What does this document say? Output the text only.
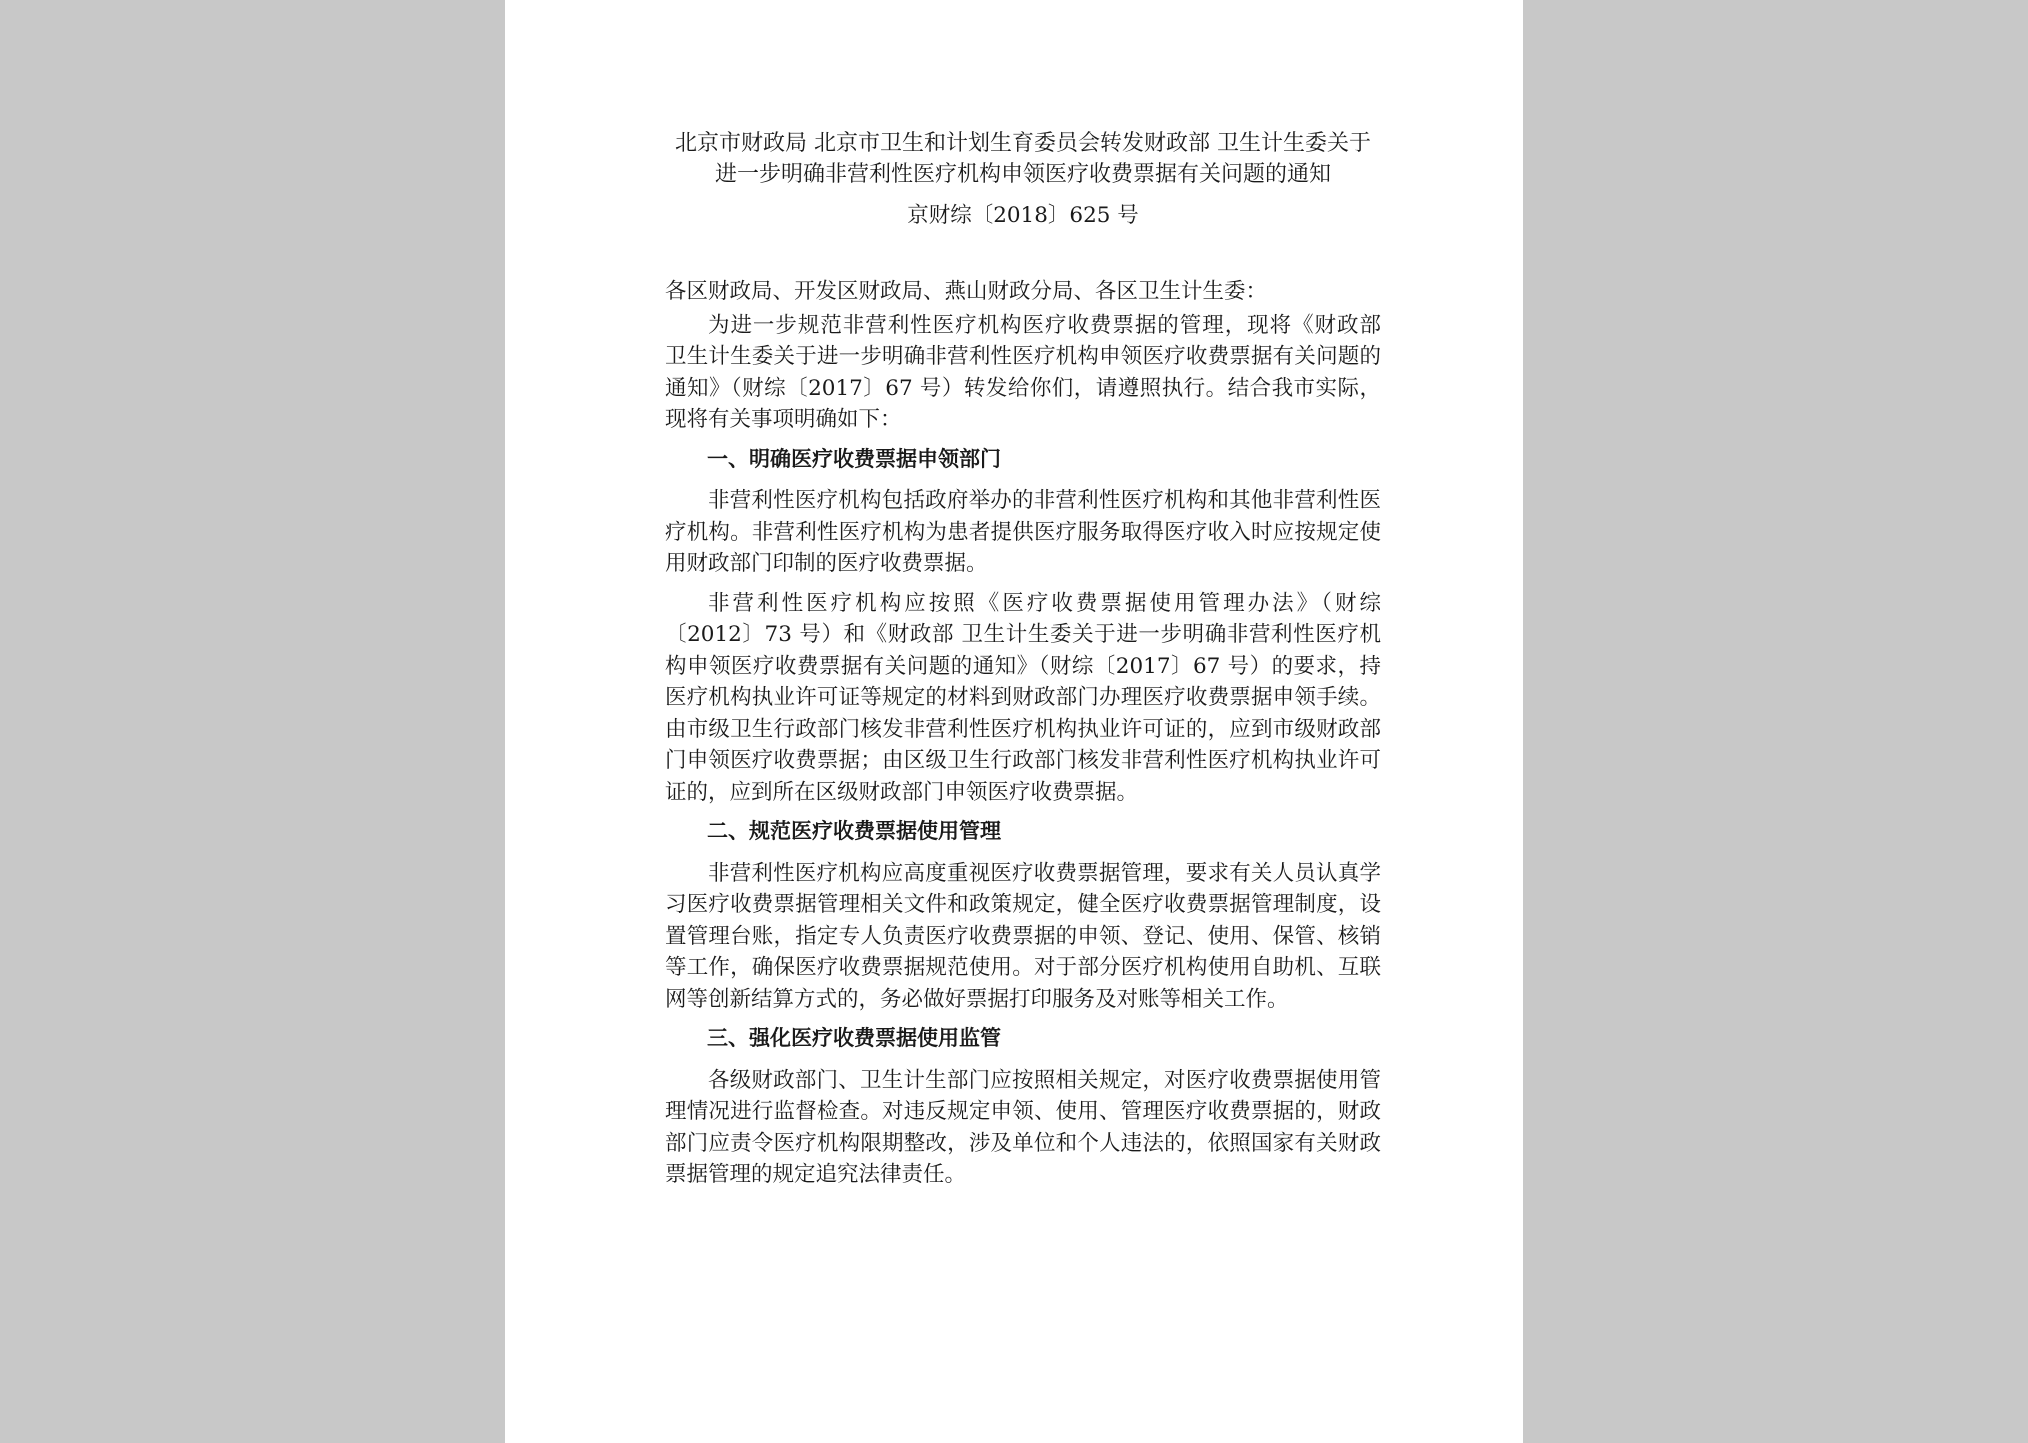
北京市财政局 北京市卫生和计划生育委员会转发财政部 卫生计生委关于进一步明确非营利性医疗机构申领医疗收费票据有关问题的通知

京财综〔2018〕625 号

各区财政局、开发区财政局、燕山财政分局、各区卫生计生委：

为进一步规范非营利性医疗机构医疗收费票据的管理，现将《财政部 卫生计生委关于进一步明确非营利性医疗机构申领医疗收费票据有关问题的通知》（财综〔2017〕67 号）转发给你们，请遵照执行。结合我市实际，现将有关事项明确如下：

一、明确医疗收费票据申领部门

非营利性医疗机构包括政府举办的非营利性医疗机构和其他非营利性医疗机构。非营利性医疗机构为患者提供医疗服务取得医疗收入时应按规定使用财政部门印制的医疗收费票据。

非营利性医疗机构应按照《医疗收费票据使用管理办法》（财综〔2012〕73 号）和《财政部 卫生计生委关于进一步明确非营利性医疗机构申领医疗收费票据有关问题的通知》（财综〔2017〕67 号）的要求，持医疗机构执业许可证等规定的材料到财政部门办理医疗收费票据申领手续。由市级卫生行政部门核发非营利性医疗机构执业许可证的，应到市级财政部门申领医疗收费票据；由区级卫生行政部门核发非营利性医疗机构执业许可证的，应到所在区级财政部门申领医疗收费票据。

二、规范医疗收费票据使用管理

非营利性医疗机构应高度重视医疗收费票据管理，要求有关人员认真学习医疗收费票据管理相关文件和政策规定，健全医疗收费票据管理制度，设置管理台账，指定专人负责医疗收费票据的申领、登记、使用、保管、核销等工作，确保医疗收费票据规范使用。对于部分医疗机构使用自助机、互联网等创新结算方式的，务必做好票据打印服务及对账等相关工作。

三、强化医疗收费票据使用监管

各级财政部门、卫生计生部门应按照相关规定，对医疗收费票据使用管理情况进行监督检查。对违反规定申领、使用、管理医疗收费票据的，财政部门应责令医疗机构限期整改，涉及单位和个人违法的，依照国家有关财政票据管理的规定追究法律责任。
